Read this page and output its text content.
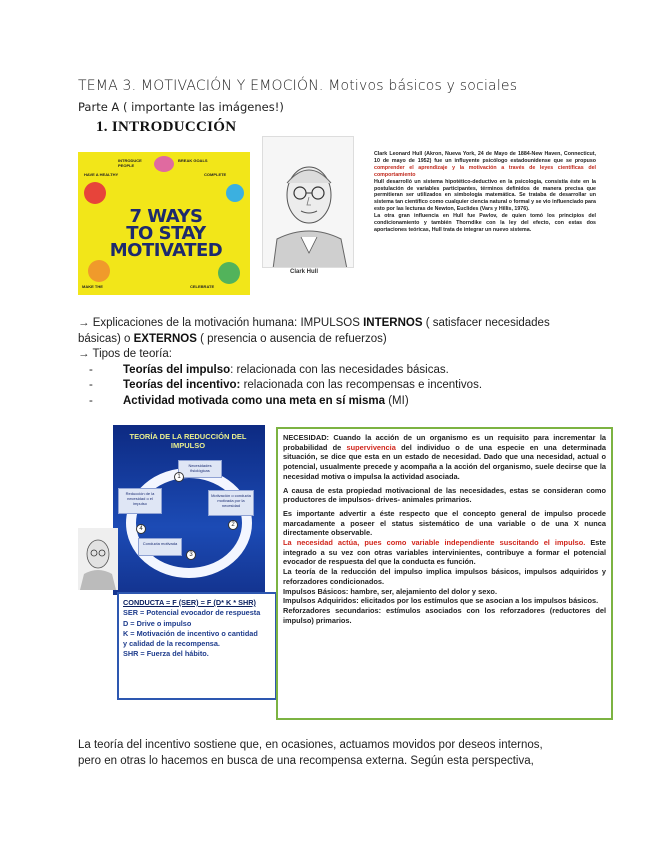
TEMA 3. MOTIVACIÓN Y EMOCIÓN. Motivos básicos y sociales
Parte A ( importante las imágenes!)
1. INTRODUCCIÓN
INTRODUCE PEOPLE
HAVE A HEALTHY	COMPLETE
BREAK GOALS
MAKE THE	CELEBRATE
7 WAYS
TO STAY
MOTIVATED
Clark Hull
Clark Leonard Hull (Akron, Nueva York, 24 de Mayo de 1884-New Haven, Connecticut, 10 de mayo de 1952) fue un influyente psicólogo estadounidense que se propuso comprender el aprendizaje y la motivación a través de leyes científicas del comportamiento
Hull desarrolló un sistema hipotético-deductivo en la psicología, consistía éste en la postulación de variables participantes, términos definidos de manera precisa que permitieran ser utilizados en simbología matemática. Se trataba de desarrollar un sistema tan científico como cualquier ciencia natural o formal y se vio influenciado para esto por las lecturas de Newton, Euclides (Vars y Hillis, 1976).
La otra gran influencia en Hull fue Pavlov, de quien tomó los principios del condicionamiento y también Thorndike con la ley del efecto, con estas dos aportaciones teóricas, Hull trata de integrar un nuevo sistema.
→ Explicaciones de la motivación humana: IMPULSOS INTERNOS ( satisfacer necesidades
básicas) o EXTERNOS ( presencia o ausencia de refuerzos)
→ Tipos de teoría:
-	Teorías del impulso: relacionada con las necesidades básicas.
-	Teorías del incentivo: relacionada con las recompensas e incentivos.
-	Actividad motivada como una meta en sí misma (MI)
TEORÍA DE LA REDUCCIÓN DEL IMPULSO
Necesidades fisiológicas
Reducción de la necesidad o el impulso
Motivación o conducta motivada por la necesidad
Conducta motivada
1
2
3
4
CONDUCTA = F (SER) = F (D* K * SHR)
SER = Potencial evocador de respuesta
D = Drive o impulso
K = Motivación de incentivo o cantidad
y calidad de la recompensa.
SHR = Fuerza del hábito.

NECESIDAD: Cuando la acción de un organismo es un requisito para incrementar la probabilidad de supervivencia del individuo o de una especie en una determinada situación, se dice que esta en un estado de necesidad. Dado que una necesidad, actual o potencial, usualmente precede y acompaña a la acción del organismo, suele decirse que la necesidad motiva o impulsa la actividad asociada.

A causa de esta propiedad motivacional de las necesidades, estas se consideran como productores de impulsos- drives- animales primarios.

Es importante advertir a éste respecto que el concepto general de impulso procede marcadamente a poseer el status sistemático de una variable o de una X nunca directamente observable.
La necesidad actúa, pues como variable independiente suscitando el impulso. Este integrado a su vez con otras variables intervinientes, contribuye a formar el potencial evocador de respuesta del que la conducta es función.
La teoría de la reducción del impulso implica impulsos básicos, impulsos adquiridos y reforzadores condicionados.
Impulsos Básicos: hambre, ser, alejamiento del dolor y sexo.
Impulsos Adquiridos: elicitados por los estímulos que se asocian a los impulsos básicos.
Reforzadores secundarios: estímulos asociados con los reforzadores (reductores del impulso) primarios.
La teoría del incentivo sostiene que, en ocasiones, actuamos movidos por deseos internos,
pero en otras lo hacemos en busca de una recompensa externa. Según esta perspectiva,
